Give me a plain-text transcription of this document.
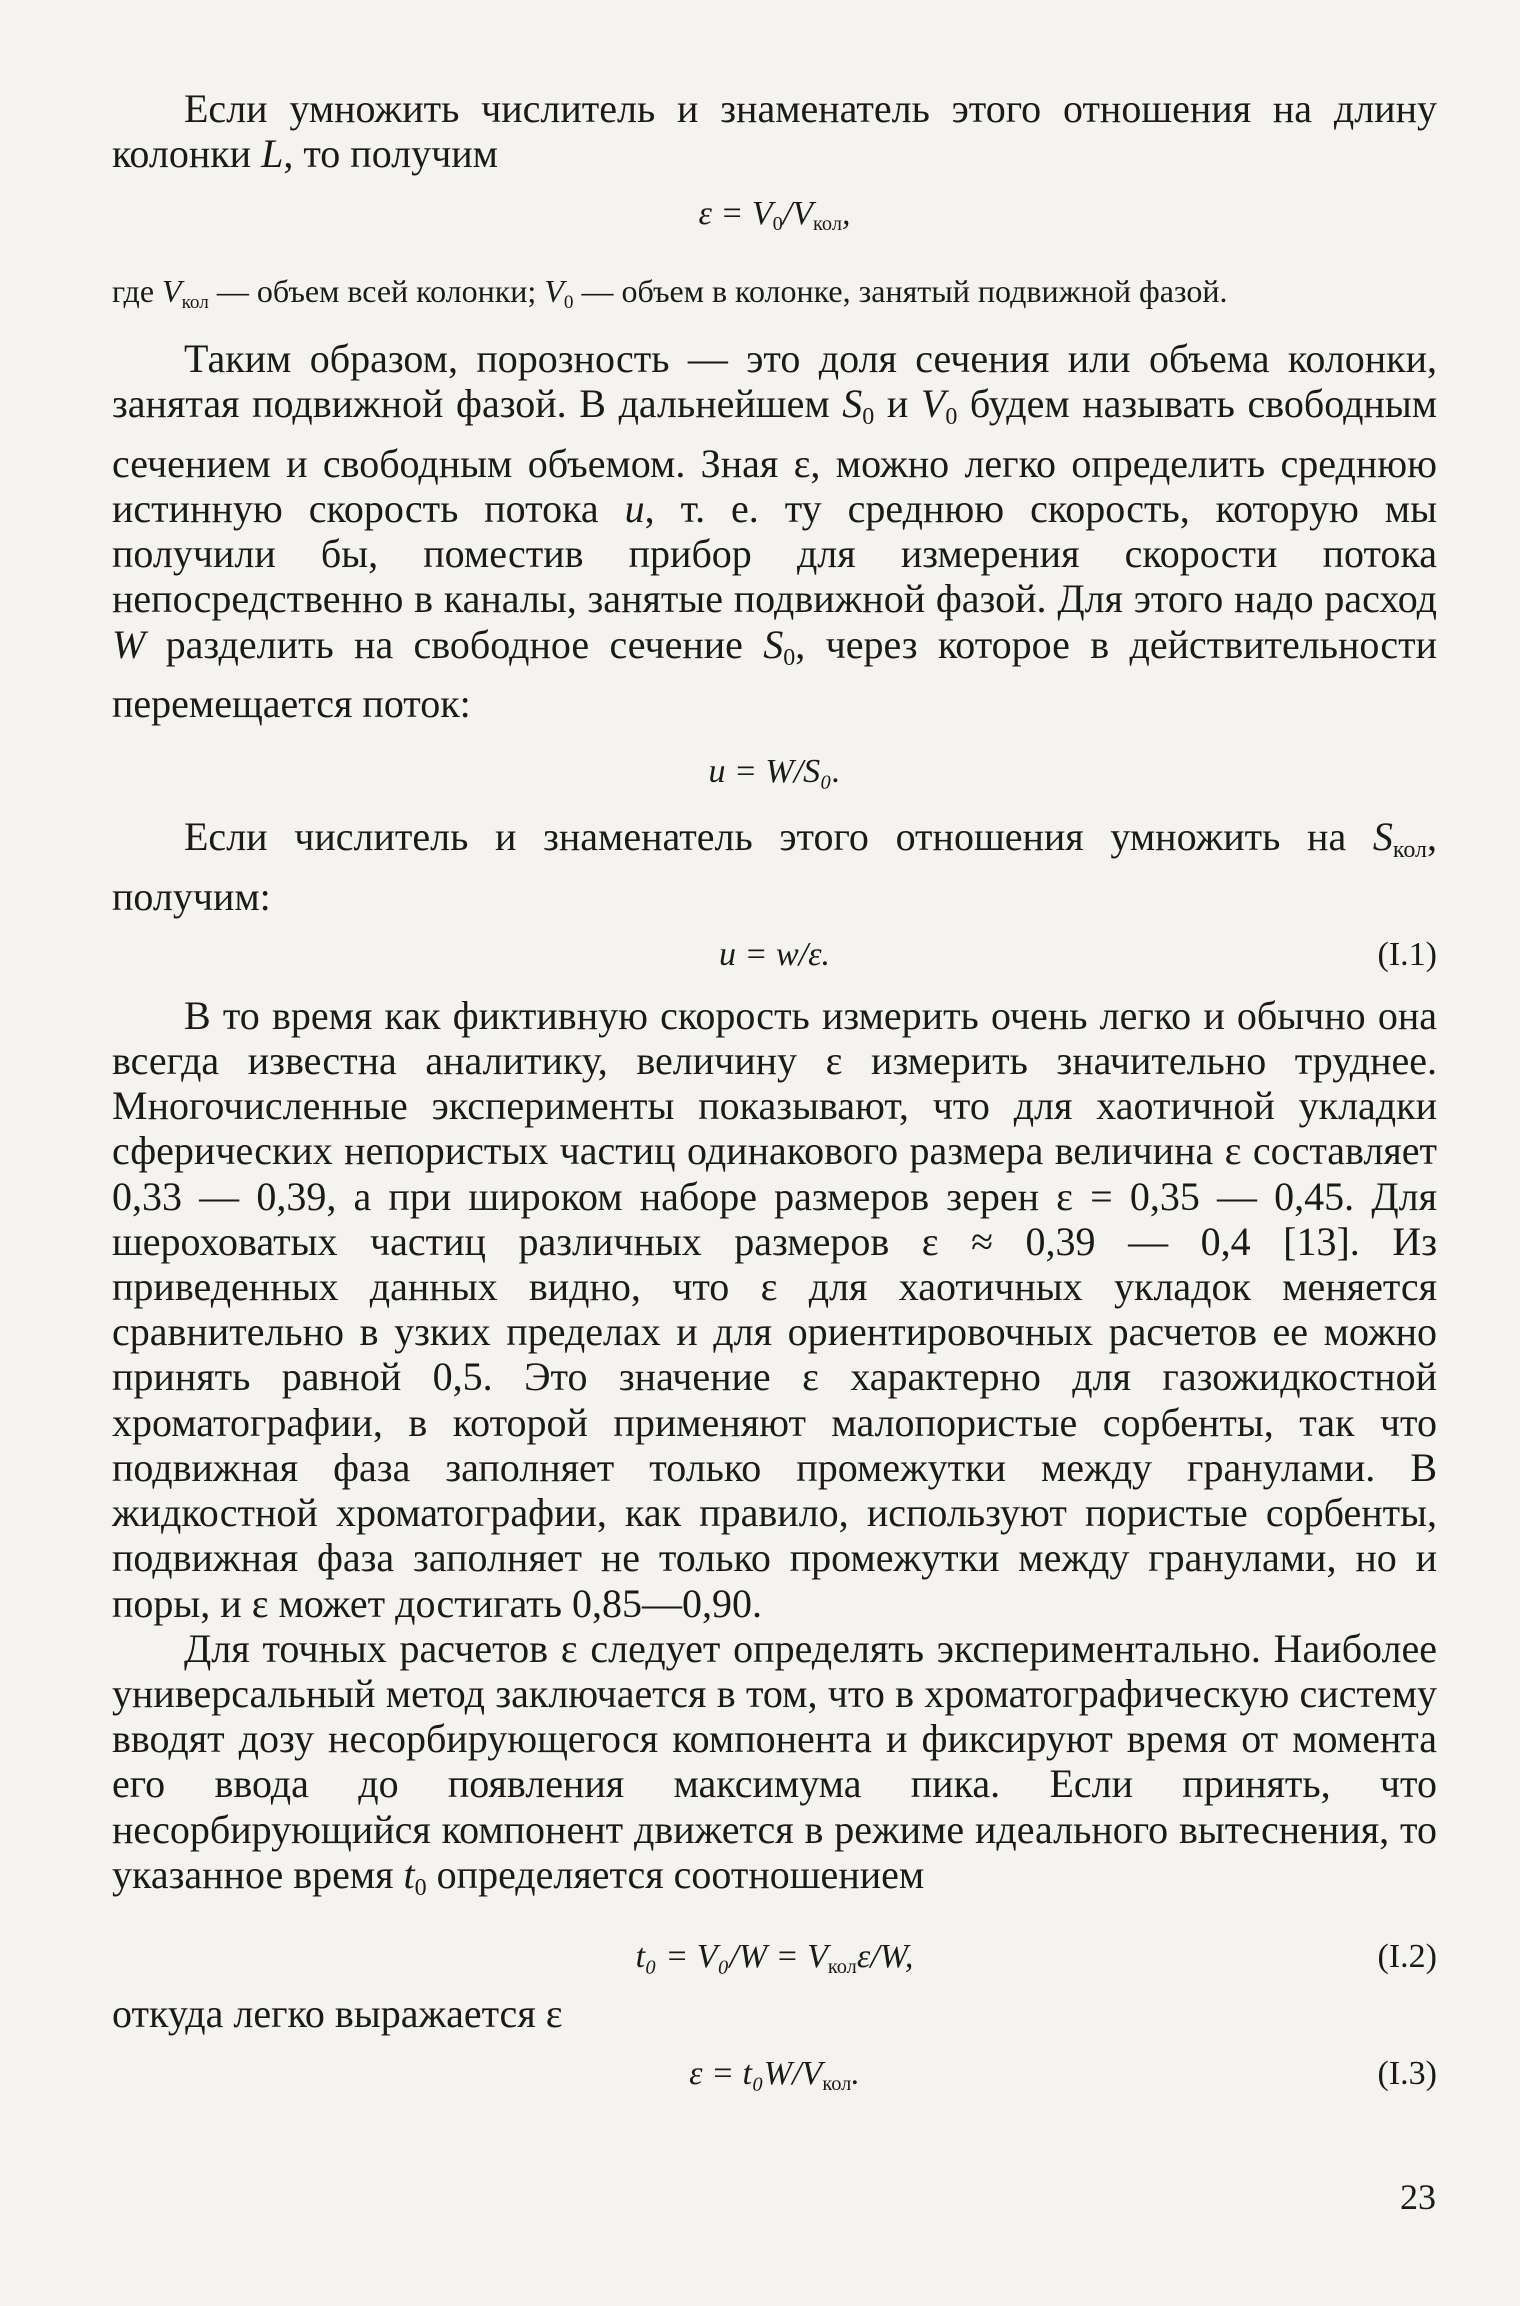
Если умножить числитель и знаменатель этого отношения на длину колонки L, то получим

$\varepsilon = V_0/V_{кол}$,

где $V_{кол}$ — объем всей колонки; $V_0$ — объем в колонке, занятый подвижной фазой.

Таким образом, порозность — это доля сечения или объема колонки, занятая подвижной фазой. В дальнейшем $S_0$ и $V_0$ будем называть свободным сечением и свободным объемом. Зная ε, можно легко определить среднюю истинную скорость потока u, т. е. ту среднюю скорость, которую мы получили бы, поместив прибор для измерения скорости потока непосредственно в каналы, занятые подвижной фазой. Для этого надо расход W разделить на свободное сечение $S_0$, через которое в действительности перемещается поток:

u = W/S₀.

Если числитель и знаменатель этого отношения умножить на $S_{кол}$, получим:

u = w/ε.	(I.1)

В то время как фиктивную скорость измерить очень легко и обычно она всегда известна аналитику, величину ε измерить значительно труднее. Многочисленные эксперименты показывают, что для хаотичной укладки сферических непористых частиц одинакового размера величина ε составляет 0,33 — 0,39, а при широком наборе размеров зерен ε = 0,35 — 0,45. Для шероховатых частиц различных размеров ε ≈ 0,39 — 0,4 [13]. Из приведенных данных видно, что ε для хаотичных укладок меняется сравнительно в узких пределах и для ориентировочных расчетов ее можно принять равной 0,5. Это значение ε характерно для газожидкостной хроматографии, в которой применяют малопористые сорбенты, так что подвижная фаза заполняет только промежутки между гранулами. В жидкостной хроматографии, как правило, используют пористые сорбенты, подвижная фаза заполняет не только промежутки между гранулами, но и поры, и ε может достигать 0,85—0,90.

Для точных расчетов ε следует определять экспериментально. Наиболее универсальный метод заключается в том, что в хроматографическую систему вводят дозу несорбирующегося компонента и фиксируют время от момента его ввода до появления максимума пика. Если принять, что несорбирующийся компонент движется в режиме идеального вытеснения, то указанное время $t_0$ определяется соотношением

$t_0 = V_0/W = V_{кол}\varepsilon/W$,	(I.2)

откуда легко выражается ε

ε = t₀W/$V_{кол}$.	(I.3)
23
